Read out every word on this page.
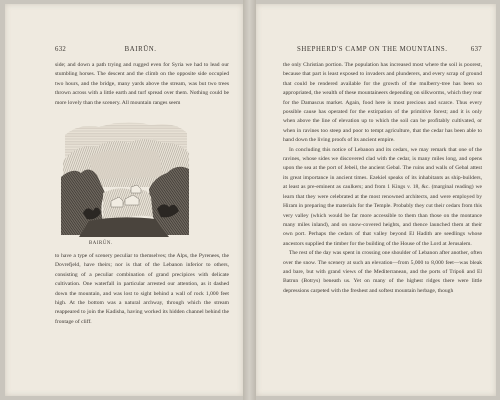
632	BAIRŪN.

side; and down a path trying and rugged even for Syria we had to lead our stumbling horses. The descent and the climb on the opposite side occupied two hours, and the bridge, many yards above the stream, was but two trees thrown across with a little earth and turf spread over them. Nothing could be more lovely than the scenery. All mountain ranges seem

BAIRŪN.

to have a type of scenery peculiar to themselves; the Alps, the Pyrenees, the Dovrefjeld, have theirs; nor is that of the Lebanon inferior to others, consisting of a peculiar combination of grand precipices with delicate cultivation. One waterfall in particular arrested our attention, as it dashed down the mountain, and was lost to sight behind a wall of rock 1,000 feet high. At the bottom was a natural archway, through which the stream reappeared to join the Kadisha, having worked its hidden channel behind the frontage of cliff.

SHEPHERD'S CAMP ON THE MOUNTAINS.	637

the only Christian portion. The population has increased most where the soil is poorest, because that part is least exposed to invaders and plunderers, and every scrap of ground that could be rendered available for the growth of the mulberry-tree has been so appropriated, the wealth of these mountaineers depending on silkworms, which they rear for the Damascus market. Again, food here is most precious and scarce. Thus every possible cause has operated for the extirpation of the primitive forest; and it is only when above the line of elevation up to which the soil can be profitably cultivated, or when in ravines too steep and poor to tempt agriculture, that the cedar has been able to hand down the living proofs of its ancient empire.

In concluding this notice of Lebanon and its cedars, we may remark that one of the ravines, whose sides we discovered clad with the cedar, is many miles long, and opens upon the sea at the port of Jebeil, the ancient Gebal. The ruins and walls of Gebal attest its great importance in ancient times. Ezekiel speaks of its inhabitants as ship-builders, at least as pre-eminent as caulkers; and from 1 Kings v. 18, &c. (marginal reading) we learn that they were celebrated at the most renowned architects, and were employed by Hiram in preparing the materials for the Temple. Probably they cut their cedars from this very valley (which would be far more accessible to them than those on the montance many miles inland), and on snow-covered heights, and thence launched them at their own port. Perhaps the cedars of that valley beyond El Hadith are seedlings whose ancestors supplied the timber for the building of the House of the Lord at Jerusalem.

The rest of the day was spent in crossing one shoulder of Lebanon after another, often over the snow. The scenery at such an elevation—from 5,000 to 8,000 feet—was bleak and bare, but with grand views of the Mediterranean, and the ports of Tripoli and El Batrun (Botrys) beneath us. Yet on many of the highest ridges there were little depressions carpeted with the freshest and softest mountain herbage, though
